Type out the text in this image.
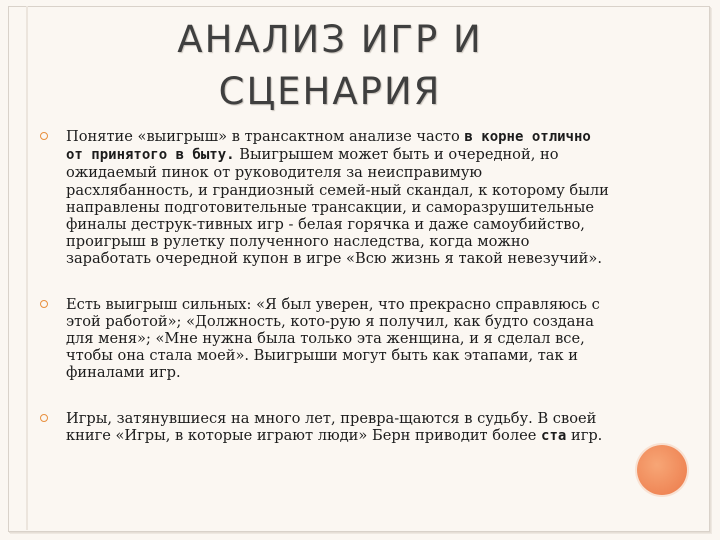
АНАЛИЗ ИГР И
СЦЕНАРИЯ
Понятие «выигрыш» в трансактном анализе часто в корне отлично от принятого в быту. Выигрышем может быть и очередной, но ожидаемый пинок от руководителя за неисправимую расхлябанность, и грандиозный семей-ный скандал, к которому были направлены подготовительные трансакции, и саморазрушительные финалы деструк-тивных игр - белая горячка и даже самоубийство, проигрыш в рулетку полученного наследства, когда можно заработать очередной купон в игре «Всю жизнь я такой невезучий».
Есть выигрыш сильных: «Я был уверен, что прекрасно справляюсь с этой работой»; «Должность, кото-рую я получил, как будто создана для меня»; «Мне нужна была только эта женщина, и я сделал все, чтобы она стала моей». Выигрыши могут быть как этапами, так и финалами игр.
Игры, затянувшиеся на много лет, превра-щаются в судьбу. В своей книге «Игры, в которые играют люди» Берн приводит более ста игр.
